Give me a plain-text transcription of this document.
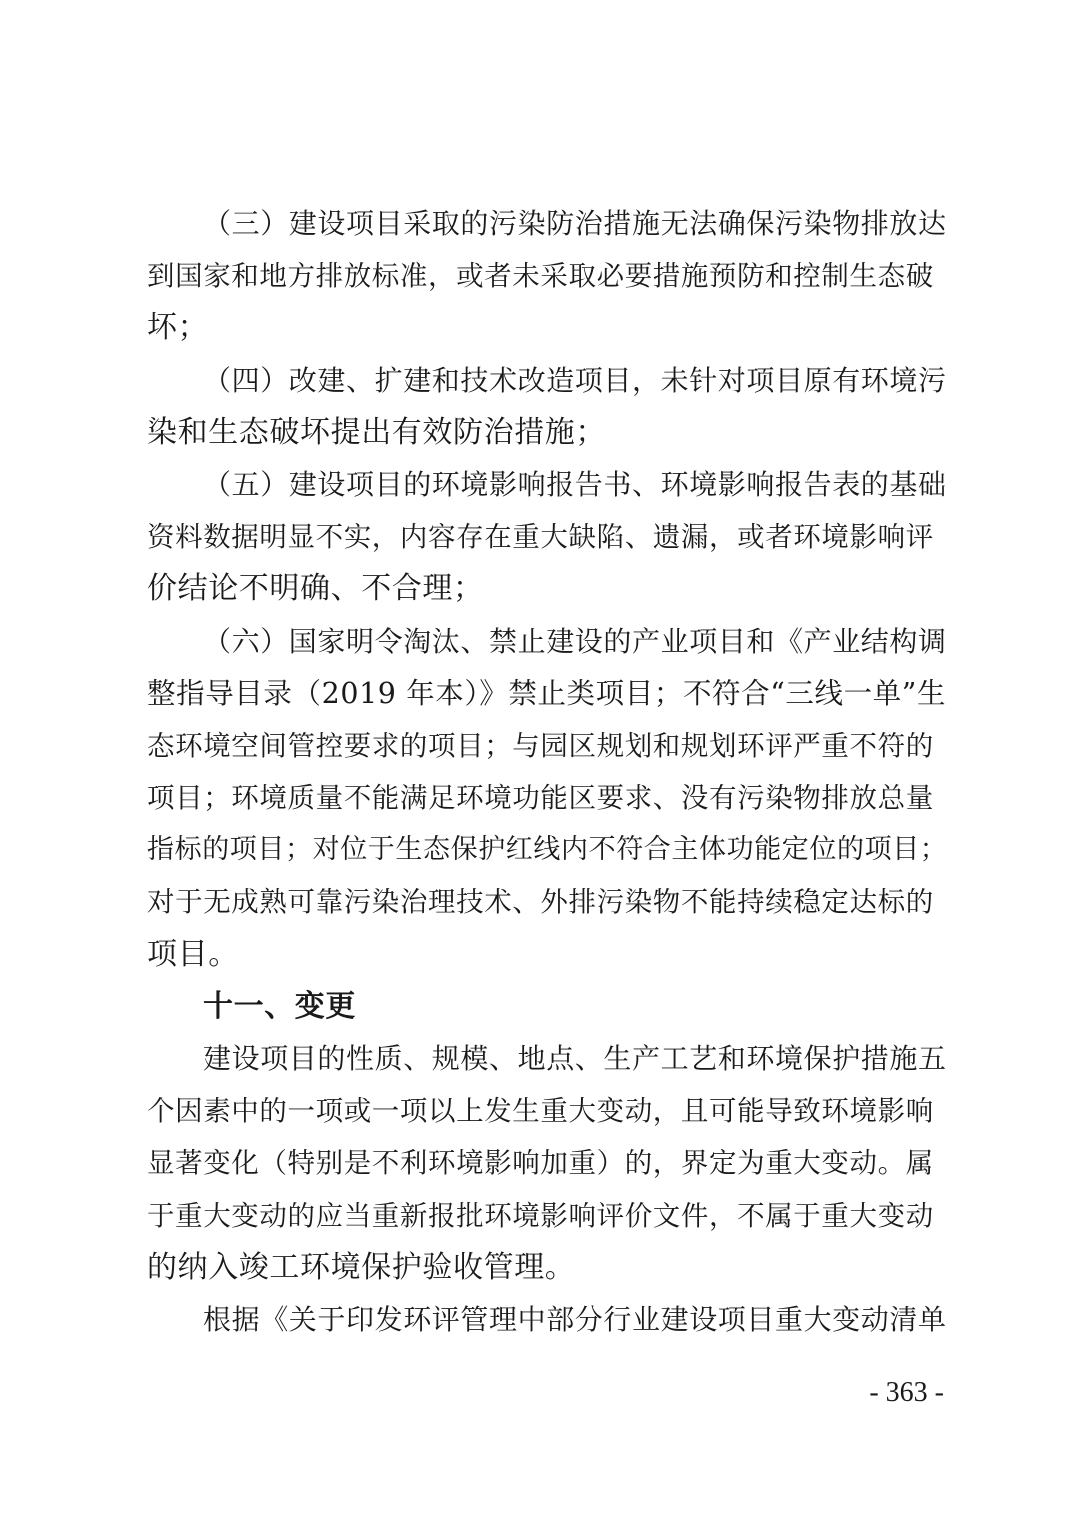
（三）建设项目采取的污染防治措施无法确保污染物排放达
到国家和地方排放标准，或者未采取必要措施预防和控制生态破
坏；
（四）改建、扩建和技术改造项目，未针对项目原有环境污
染和生态破坏提出有效防治措施；
（五）建设项目的环境影响报告书、环境影响报告表的基础
资料数据明显不实，内容存在重大缺陷、遗漏，或者环境影响评
价结论不明确、不合理；
（六）国家明令淘汰、禁止建设的产业项目和《产业结构调
整指导目录（2019 年本）》禁止类项目；不符合“三线一单”生
态环境空间管控要求的项目；与园区规划和规划环评严重不符的
项目；环境质量不能满足环境功能区要求、没有污染物排放总量
指标的项目；对位于生态保护红线内不符合主体功能定位的项目；
对于无成熟可靠污染治理技术、外排污染物不能持续稳定达标的
项目。
十一、变更
建设项目的性质、规模、地点、生产工艺和环境保护措施五
个因素中的一项或一项以上发生重大变动，且可能导致环境影响
显著变化（特别是不利环境影响加重）的，界定为重大变动。属
于重大变动的应当重新报批环境影响评价文件，不属于重大变动
的纳入竣工环境保护验收管理。
根据《关于印发环评管理中部分行业建设项目重大变动清单
- 363 -
